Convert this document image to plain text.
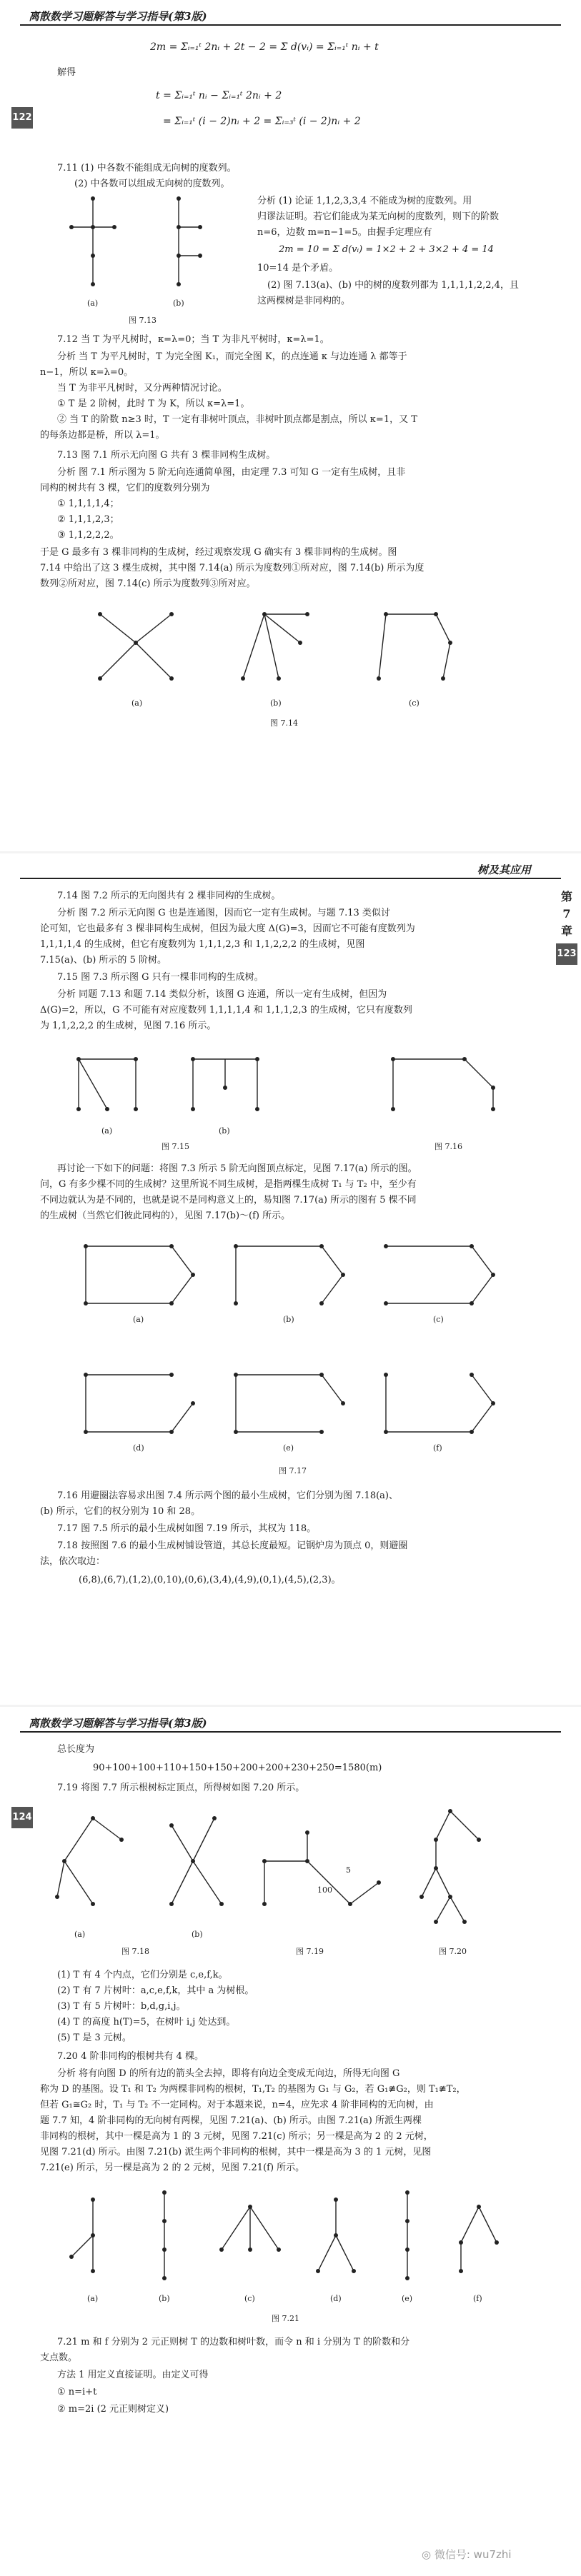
离散数学习题解答与学习指导(第3版)
122
2m = Σᵢ₌₁ᵗ 2nᵢ + 2t − 2 = Σ d(vᵢ) = Σᵢ₌₁ᵗ nᵢ + t
解得
t = Σᵢ₌₁ᵗ nᵢ − Σᵢ₌₁ᵗ 2nᵢ + 2
= Σᵢ₌₁ᵗ (i − 2)nᵢ + 2 = Σᵢ₌₃ᵗ (i − 2)nᵢ + 2
7.11 (1) 中各数不能组成无向树的度数列。
(2) 中各数可以组成无向树的度数列。
分析 (1) 论证 1,1,2,3,3,4 不能成为树的度数列。用
归谬法证明。若它们能成为某无向树的度数列，则下的阶数
n=6，边数 m=n−1=5。由握手定理应有
2m = 10 = Σ d(vᵢ) = 1×2 + 2 + 3×2 + 4 = 14
10=14 是个矛盾。
(2) 图 7.13(a)、(b) 中的树的度数列都为 1,1,1,1,2,2,4，且
这两棵树是非同构的。
(a)	(b)
图 7.13
7.12 当 T 为平凡树时，κ=λ=0；当 T 为非凡平树时，κ=λ=1。
分析 当 T 为平凡树时，T 为完全图 K₁，而完全图 K，的点连通 κ 与边连通 λ 都等于
n−1，所以 κ=λ=0。
当 T 为非平凡树时，又分两种情况讨论。
① T 是 2 阶树，此时 T 为 K，所以 κ=λ=1。
② 当 T 的阶数 n≥3 时，T 一定有非树叶顶点，非树叶顶点都是割点，所以 κ=1，又 T
的每条边都是桥，所以 λ=1。
7.13 图 7.1 所示无向图 G 共有 3 棵非同构生成树。
分析 图 7.1 所示图为 5 阶无向连通简单图，由定理 7.3 可知 G 一定有生成树，且非
同构的树共有 3 棵，它们的度数列分别为
① 1,1,1,1,4；
② 1,1,1,2,3；
③ 1,1,2,2,2。
于是 G 最多有 3 棵非同构的生成树，经过观察发现 G 确实有 3 棵非同构的生成树。图
7.14 中给出了这 3 棵生成树，其中图 7.14(a) 所示为度数列①所对应，图 7.14(b) 所示为度
数列②所对应，图 7.14(c) 所示为度数列③所对应。
(a)	(b)	(c)
图 7.14
树及其应用
第
7
章
123
7.14 图 7.2 所示的无向图共有 2 棵非同构的生成树。
分析 图 7.2 所示无向图 G 也是连通图，因而它一定有生成树。与题 7.13 类似讨
论可知，它也最多有 3 棵非同构生成树，但因为最大度 Δ(G)=3，因而它不可能有度数列为
1,1,1,1,4 的生成树，但它有度数列为 1,1,1,2,3 和 1,1,2,2,2 的生成树，见图
7.15(a)、(b) 所示的 5 阶树。
7.15 图 7.3 所示图 G 只有一棵非同构的生成树。
分析 同题 7.13 和题 7.14 类似分析，该图 G 连通，所以一定有生成树，但因为
Δ(G)=2，所以，G 不可能有对应度数列 1,1,1,1,4 和 1,1,1,2,3 的生成树，它只有度数列
为 1,1,2,2,2 的生成树，见图 7.16 所示。
(a)	(b)
图 7.15	图 7.16
再讨论一下如下的问题：将图 7.3 所示 5 阶无向图顶点标定，见图 7.17(a) 所示的图。
问，G 有多少棵不同的生成树？这里所说不同生成树，是指两棵生成树 T₁ 与 T₂ 中，至少有
不同边就认为是不同的，也就是说不是同构意义上的，易知图 7.17(a) 所示的图有 5 棵不同
的生成树（当然它们彼此同构的），见图 7.17(b)～(f) 所示。
(a)	(b)	(c)
(d)	(e)	(f)
图 7.17
7.16 用避圈法容易求出图 7.4 所示两个图的最小生成树，它们分别为图 7.18(a)、
(b) 所示，它们的权分别为 10 和 28。
7.17 图 7.5 所示的最小生成树如图 7.19 所示，其权为 118。
7.18 按照图 7.6 的最小生成树铺设管道，其总长度最短。记钢炉房为顶点 0，则避圈
法，依次取边：
(6,8),(6,7),(1,2),(0,10),(0,6),(3,4),(4,9),(0,1),(4,5),(2,3)。
离散数学习题解答与学习指导(第3版)
124
总长度为
90+100+100+110+150+150+200+200+230+250=1580(m)
7.19 将图 7.7 所示根树标定顶点，所得树如图 7.20 所示。
100
5
(a)	(b)
图 7.18	图 7.19	图 7.20
(1) T 有 4 个内点，它们分别是 c,e,f,k。
(2) T 有 7 片树叶：a,c,e,f,k，其中 a 为树根。
(3) T 有 5 片树叶：b,d,g,i,j。
(4) T 的高度 h(T)=5，在树叶 i,j 处达到。
(5) T 是 3 元树。
7.20 4 阶非同构的根树共有 4 棵。
分析 将有向图 D 的所有边的箭头全去掉，即将有向边全变成无向边，所得无向图 G
称为 D 的基图。设 T₁ 和 T₂ 为两棵非同构的根树，T₁,T₂ 的基图为 G₁ 与 G₂，若 G₁≇G₂，则 T₁≇T₂，
但若 G₁≅G₂ 时，T₁ 与 T₂ 不一定同构。对于本题来说，n=4，应先求 4 阶非同构的无向树，由
题 7.7 知，4 阶非同构的无向树有两棵，见图 7.21(a)、(b) 所示。由图 7.21(a) 所派生两棵
非同构的根树，其中一棵是高为 1 的 3 元树，见图 7.21(c) 所示；另一棵是高为 2 的 2 元树，
见图 7.21(d) 所示。由图 7.21(b) 派生两个非同构的根树，其中一棵是高为 3 的 1 元树，见图
7.21(e) 所示，另一棵是高为 2 的 2 元树，见图 7.21(f) 所示。
(a)	(b)	(c)	(d)	(e)	(f)
图 7.21
7.21 m 和 f 分别为 2 元正则树 T 的边数和树叶数，而令 n 和 i 分别为 T 的阶数和分
支点数。
方法 1 用定义直接证明。由定义可得
① n=i+t
② m=2i (2 元正则树定义)
◎ 微信号: wu7zhi
